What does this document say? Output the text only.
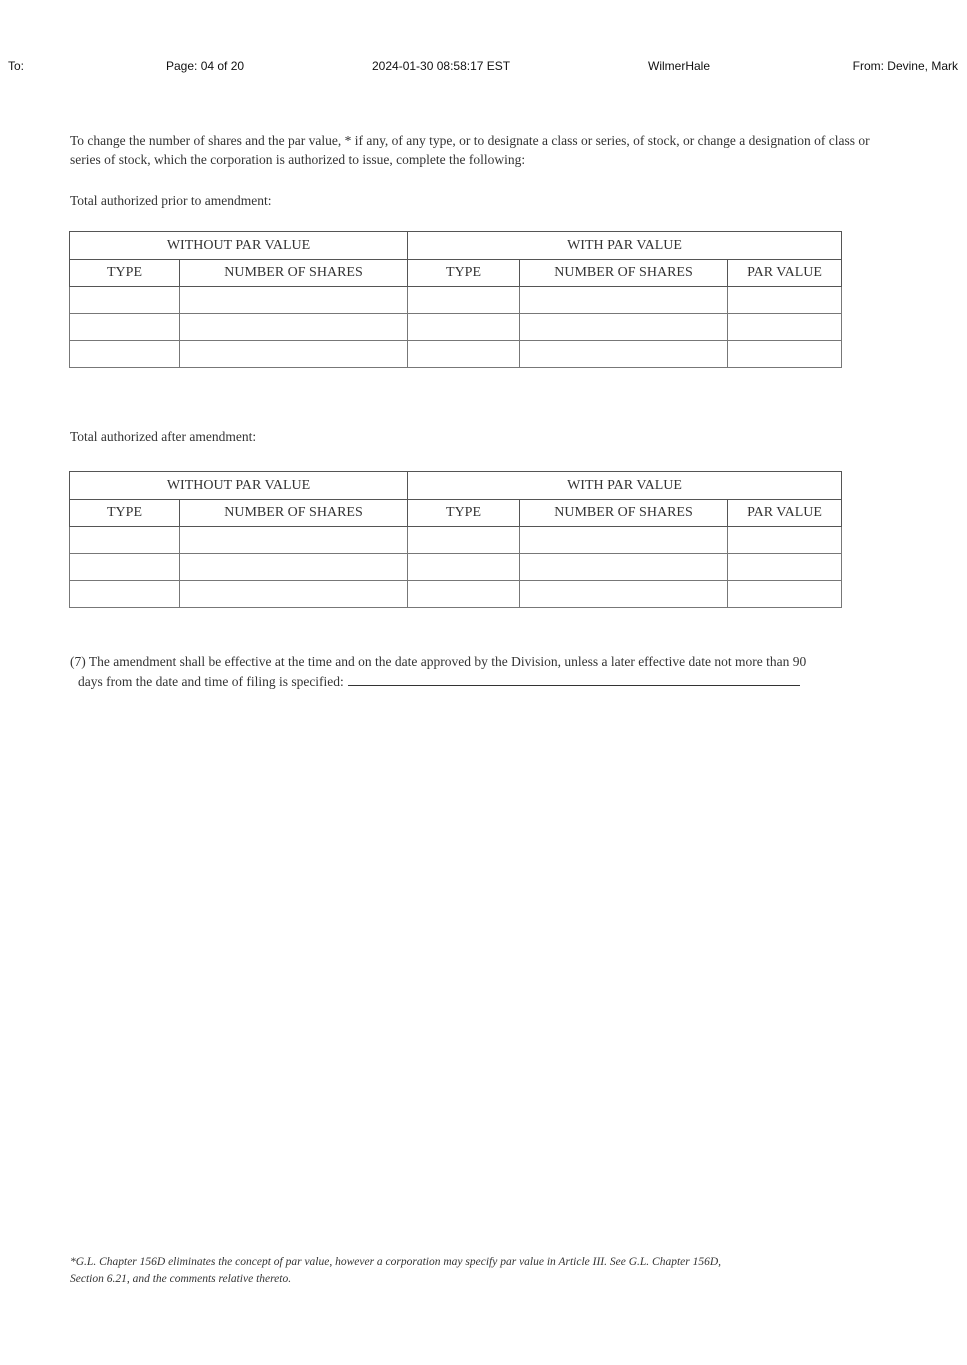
To:	Page: 04 of 20	2024-01-30 08:58:17 EST	WilmerHale	From: Devine, Mark

To change the number of shares and the par value, * if any, of any type, or to designate a class or series, of stock, or change a designation of class or series of stock, which the corporation is authorized to issue, complete the following:

Total authorized prior to amendment:

WITHOUT PAR VALUE		WITH PAR VALUE		
TYPE	NUMBER OF SHARES	TYPE	NUMBER OF SHARES	PAR VALUE

Total authorized after amendment:

WITHOUT PAR VALUE		WITH PAR VALUE		
TYPE	NUMBER OF SHARES	TYPE	NUMBER OF SHARES	PAR VALUE

(7) The amendment shall be effective at the time and on the date approved by the Division, unless a later effective date not more than 90
days from the date and time of filing is specified:
*G.L. Chapter 156D eliminates the concept of par value, however a corporation may specify par value in Article III. See G.L. Chapter 156D,
Section 6.21, and the comments relative thereto.
